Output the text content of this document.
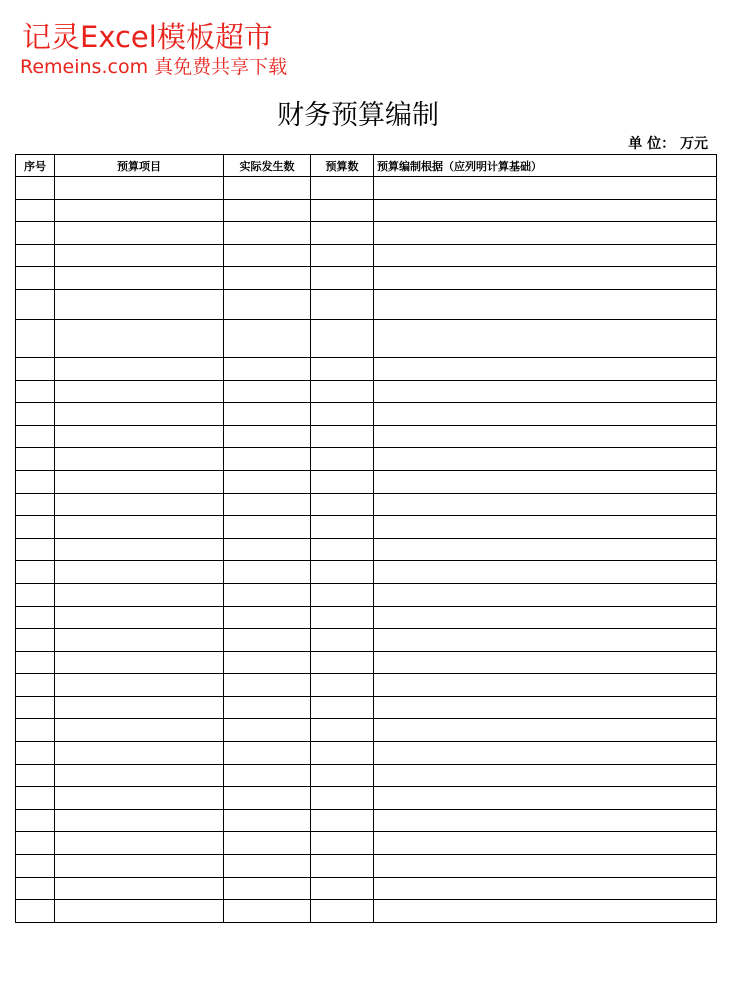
记灵Excel模板超市
Remeins.com 真免费共享下载
财务预算编制
单 位： 万元
序号	预算项目	实际发生数	预算数	预算编制根据（应列明计算基础）
